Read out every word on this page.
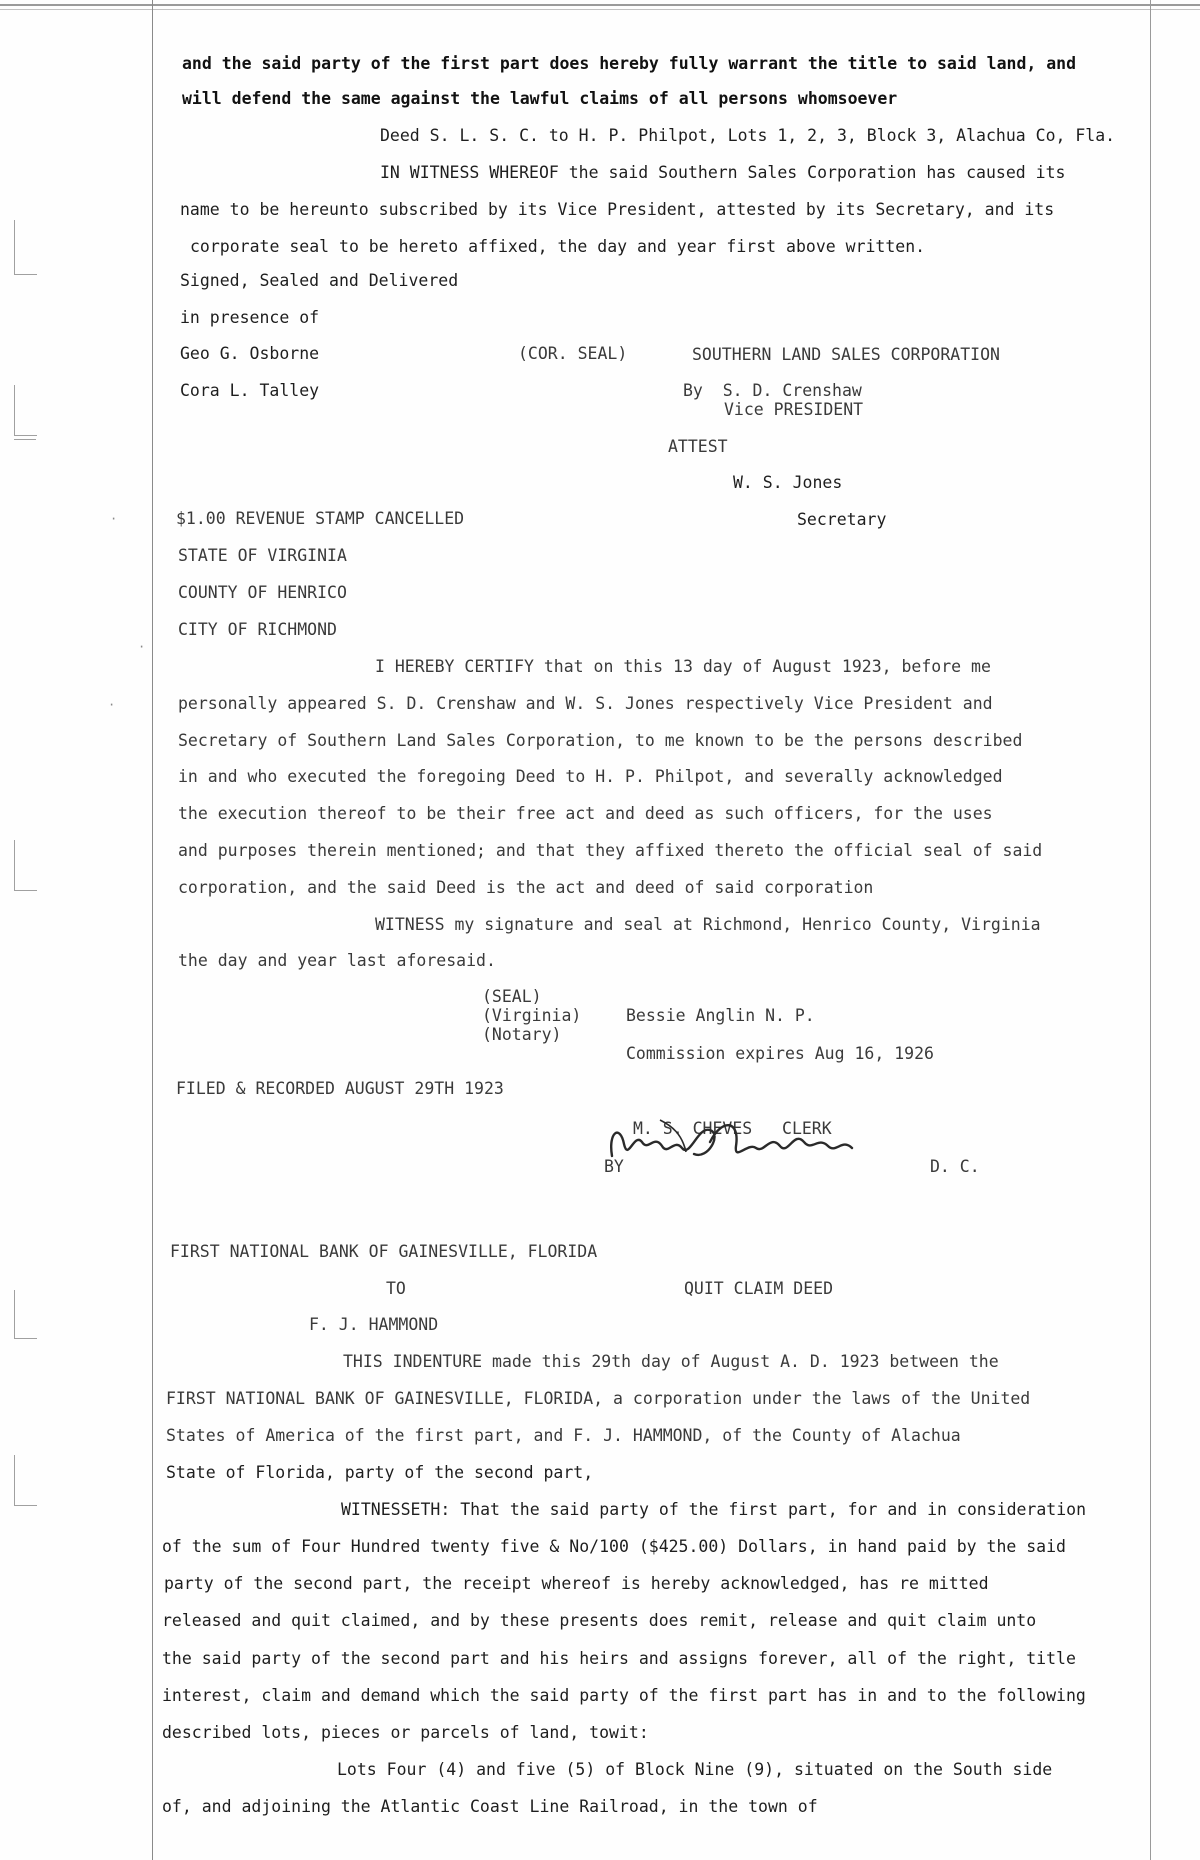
·
·
·
and the said party of the first part does hereby fully warrant the title to said land, and
will defend the same against the lawful claims of all persons whomsoever
Deed S. L. S. C. to H. P. Philpot, Lots 1, 2, 3, Block 3, Alachua Co, Fla.
IN WITNESS WHEREOF the said Southern Sales Corporation has caused its
name to be hereunto subscribed by its Vice President, attested by its Secretary, and its
corporate seal to be hereto affixed, the day and year first above written.
Signed, Sealed and Delivered
in presence of
Geo G. Osborne	(COR. SEAL)	SOUTHERN LAND SALES CORPORATION
Cora L. Talley	By  S. D. Crenshaw
Vice PRESIDENT
ATTEST
W. S. Jones
$1.00 REVENUE STAMP CANCELLED	Secretary
STATE OF VIRGINIA
COUNTY OF HENRICO
CITY OF RICHMOND
I HEREBY CERTIFY that on this 13 day of August 1923, before me
personally appeared S. D. Crenshaw and W. S. Jones respectively Vice President and
Secretary of Southern Land Sales Corporation, to me known to be the persons described
in and who executed the foregoing Deed to H. P. Philpot, and severally acknowledged
the execution thereof to be their free act and deed as such officers, for the uses
and purposes therein mentioned; and that they affixed thereto the official seal of said
corporation, and the said Deed is the act and deed of said corporation
WITNESS my signature and seal at Richmond, Henrico County, Virginia
the day and year last aforesaid.
(SEAL)
(Virginia)
(Notary)
Bessie Anglin N. P.
Commission expires Aug 16, 1926
FILED & RECORDED AUGUST 29TH 1923
M. S. CHEVES   CLERK
BY	D. C.
FIRST NATIONAL BANK OF GAINESVILLE, FLORIDA
TO	QUIT CLAIM DEED
F. J. HAMMOND
THIS INDENTURE made this 29th day of August A. D. 1923 between the
FIRST NATIONAL BANK OF GAINESVILLE, FLORIDA, a corporation under the laws of the United
States of America of the first part, and F. J. HAMMOND, of the County of Alachua
State of Florida, party of the second part,
WITNESSETH: That the said party of the first part, for and in consideration
of the sum of Four Hundred twenty five & No/100 ($425.00) Dollars, in hand paid by the said
party of the second part, the receipt whereof is hereby acknowledged, has re mitted
released and quit claimed, and by these presents does remit, release and quit claim unto
the said party of the second part and his heirs and assigns forever, all of the right, title
interest, claim and demand which the said party of the first part has in and to the following
described lots, pieces or parcels of land, towit:
Lots Four (4) and five (5) of Block Nine (9), situated on the South side
of, and adjoining the Atlantic Coast Line Railroad, in the town of
